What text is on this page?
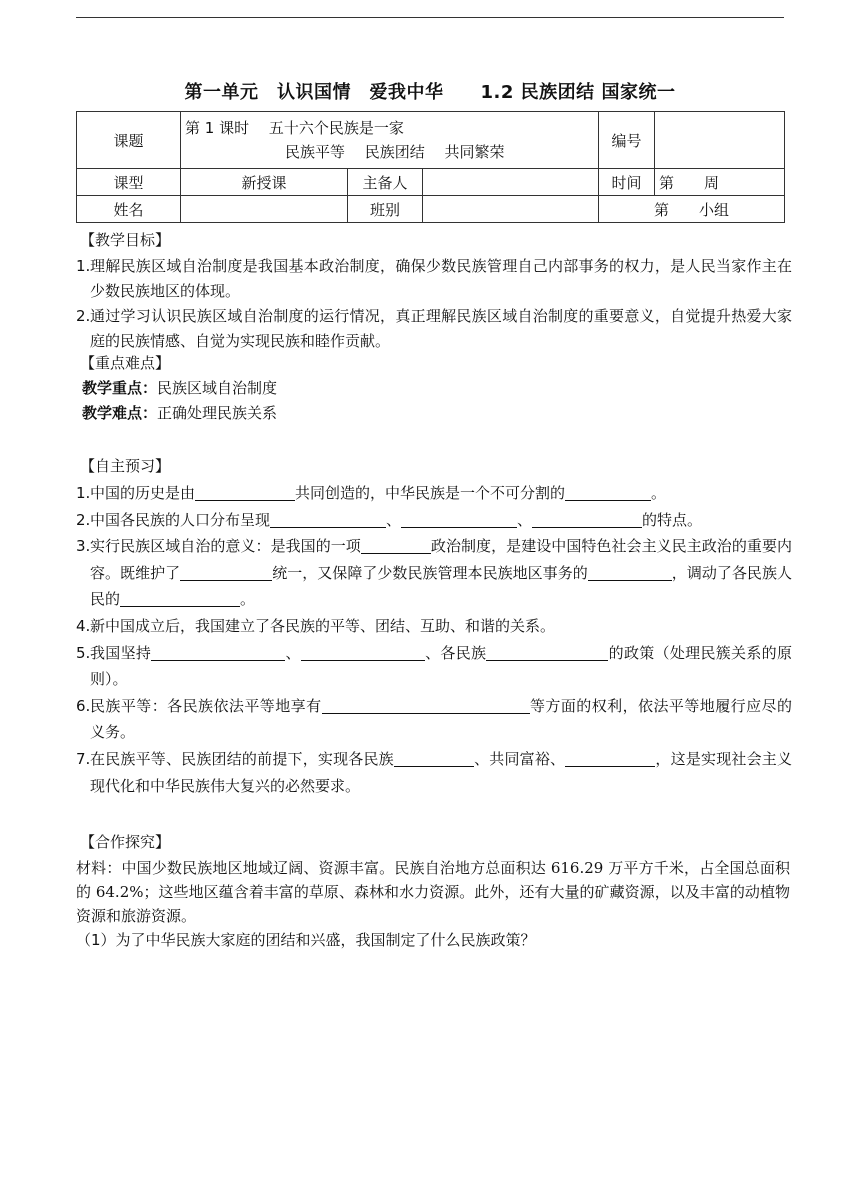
第一单元　认识国情　爱我中华　　1.2 民族团结 国家统一
课题	第 1 课时　 五十六个民族是一家
民族平等　 民族团结　 共同繁荣			编号	
课型	新授课	主备人		时间	第　　周
姓名		班别		第　　小组	
【教学目标】
1. 理解民族区域自治制度是我国基本政治制度，确保少数民族管理自己内部事务的权力，是人民当家作主在少数民族地区的体现。
2. 通过学习认识民族区域自治制度的运行情况，真正理解民族区域自治制度的重要意义，自觉提升热爱大家庭的民族情感、自觉为实现民族和睦作贡献。
【重点难点】
教学重点：民族区域自治制度
教学难点：正确处理民族关系
【自主预习】
1. 中国的历史是由	共同创造的，中华民族是一个不可分割的	。
2. 中国各民族的人口分布呈现	、	、	的特点。
3. 实行民族区域自治的意义：是我国的一项	政治制度，是建设中国特色社会主义民主政治的重要内容。既维护了	统一，又保障了少数民族管理本民族地区事务的	，调动了各民族人民的	。
4. 新中国成立后，我国建立了各民族的平等、团结、互助、和谐的关系。
5. 我国坚持	、	、各民族	的政策（处理民簇关系的原则）。
6. 民族平等：各民族依法平等地享有	等方面的权利，依法平等地履行应尽的义务。
7. 在民族平等、民族团结的前提下，实现各民族	、共同富裕、	，这是实现社会主义现代化和中华民族伟大复兴的必然要求。
【合作探究】
材料：中国少数民族地区地域辽阔、资源丰富。民族自治地方总面积达 616.29 万平方千米，占全国总面积的 64.2%；这些地区蕴含着丰富的草原、森林和水力资源。此外，还有大量的矿藏资源，以及丰富的动植物资源和旅游资源。
（1）为了中华民族大家庭的团结和兴盛，我国制定了什么民族政策？
